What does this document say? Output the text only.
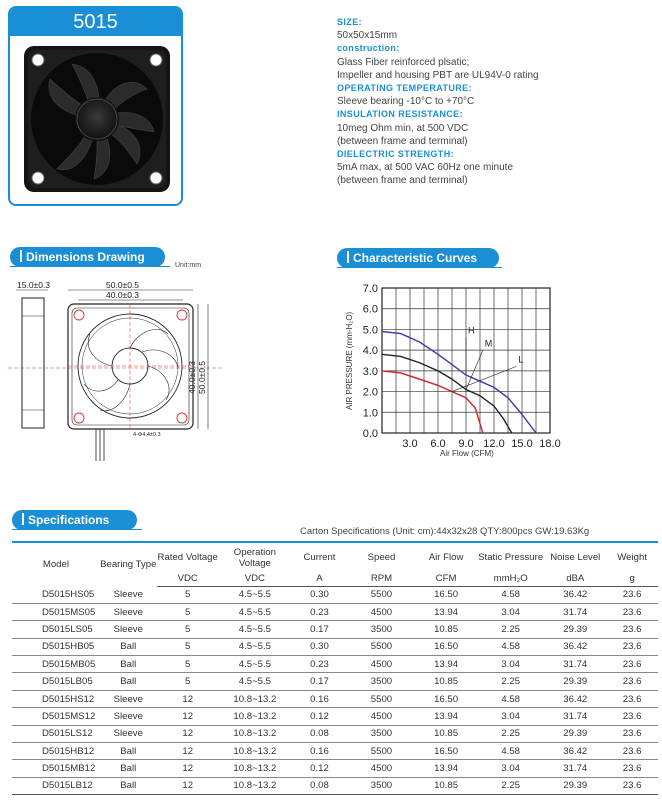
5015	SIZE:
50x50x15mm
construction:
Glass Fiber reinforced plsatic;
Impeller and housing PBT are UL94V-0 rating
OPERATING TEMPERATURE:
Sleeve bearing -10°C to +70°C
INSULATION RESISTANCE:
10meg Ohm min, at 500 VDC
(between frame and terminal)
DIELECTRIC STRENGTH:
5mA max, at 500 VAC 60Hz one minute
(between frame and terminal)
Dimensions Drawing
Unit:mm
15.0±0.3	50.0±0.5
40.0±0.3
40.0±0.3 50.0±0.5
4-Φ4.4±0.3
Characteristic Curves
0.0
1.0
2.0
3.0
4.0
5.0
6.0
7.0
3.0 6.0 9.0 12.0 15.0 18.0
H
M
L
AIR PRESSURE (mm-H₂O)
Air Flow (CFM)
Specifications
Carton Specifications (Unit: cm):44x32x28 QTY:800pcs GW:19.63Kg
Model	Bearing Type	Rated Voltage	Operation Voltage	Current	Speed	Air Flow	Static Pressure	Noise Level	Weight
		VDC	VDC	A	RPM	CFM	mmH₂O	dBA	g
D5015HS05	Sleeve	5	4.5~5.5	0.30	5500	16.50	4.58	36.42	23.6
D5015MS05	Sleeve	5	4.5~5.5	0.23	4500	13.94	3.04	31.74	23.6
D5015LS05	Sleeve	5	4.5~5.5	0.17	3500	10.85	2.25	29.39	23.6
D5015HB05	Ball	5	4.5~5.5	0.30	5500	16.50	4.58	36.42	23.6
D5015MB05	Ball	5	4.5~5.5	0.23	4500	13.94	3.04	31.74	23.6
D5015LB05	Ball	5	4.5~5.5	0.17	3500	10.85	2.25	29.39	23.6
D5015HS12	Sleeve	12	10.8~13.2	0.16	5500	16.50	4.58	36.42	23.6
D5015MS12	Sleeve	12	10.8~13.2	0.12	4500	13.94	3.04	31.74	23.6
D5015LS12	Sleeve	12	10.8~13.2	0.08	3500	10.85	2.25	29.39	23.6
D5015HB12	Ball	12	10.8~13.2	0.16	5500	16.50	4.58	36.42	23.6
D5015MB12	Ball	12	10.8~13.2	0.12	4500	13.94	3.04	31.74	23.6
D5015LB12	Ball	12	10.8~13.2	0.08	3500	10.85	2.25	29.39	23.6
